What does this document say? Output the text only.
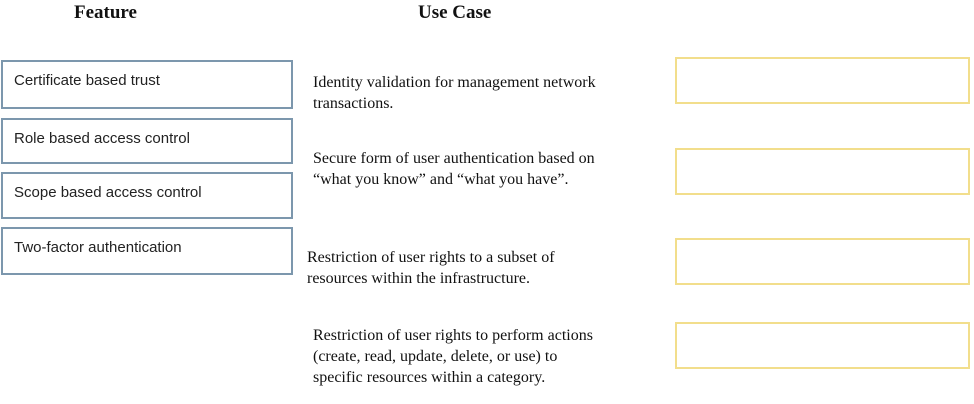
Feature	Use Case
Certificate based trust
Role based access control
Scope based access control
Two-factor authentication
Identity validation for management network
transactions.
Secure form of user authentication based on
“what you know” and “what you have”.
Restriction of user rights to a subset of
resources within the infrastructure.
Restriction of user rights to perform actions
(create, read, update, delete, or use) to
specific resources within a category.
